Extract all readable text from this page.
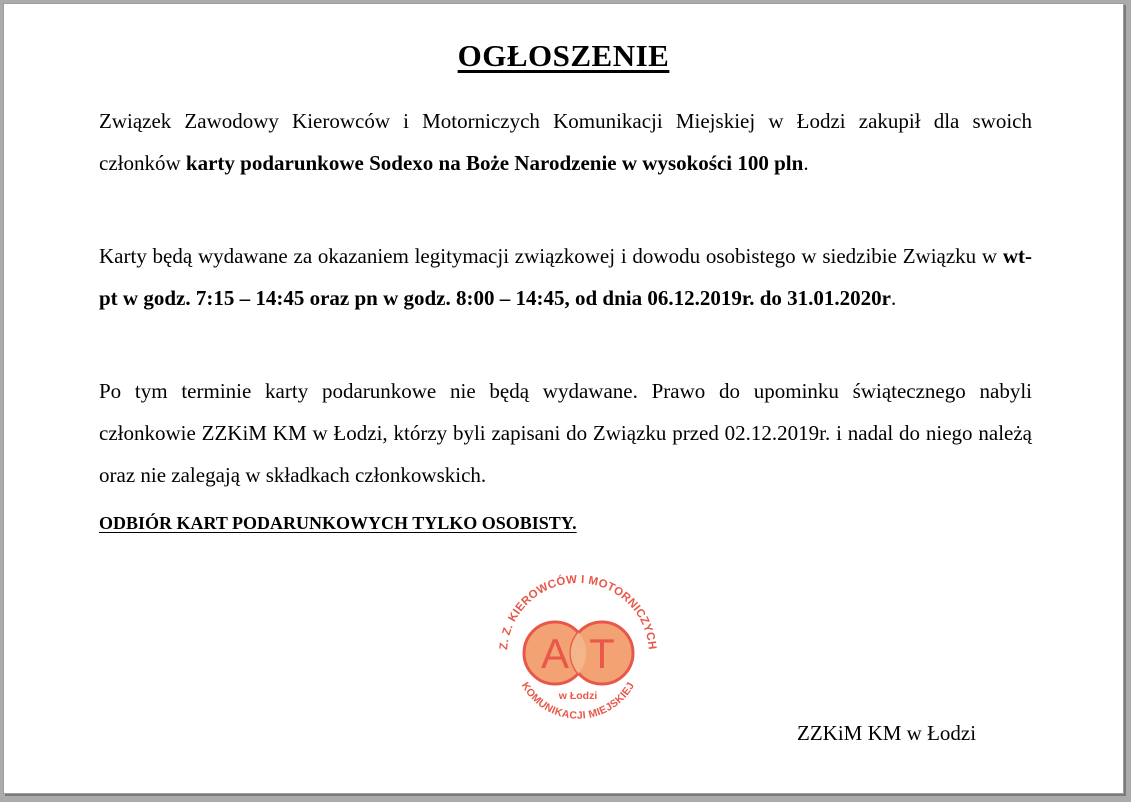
OGŁOSZENIE
Związek Zawodowy Kierowców i Motorniczych Komunikacji Miejskiej w Łodzi zakupił dla swoich członków karty podarunkowe Sodexo na Boże Narodzenie w wysokości 100 pln.
Karty będą wydawane za okazaniem legitymacji związkowej i dowodu osobistego w siedzibie Związku w wt-pt w godz. 7:15 – 14:45 oraz pn w godz. 8:00 – 14:45, od dnia 06.12.2019r. do 31.01.2020r.
Po tym terminie karty podarunkowe nie będą wydawane. Prawo do upominku świątecznego nabyli członkowie ZZKiM KM w Łodzi, którzy byli zapisani do Związku przed 02.12.2019r. i nadal do niego należą oraz nie zalegają w składkach członkowskich.
ODBIÓR KART PODARUNKOWYCH TYLKO OSOBISTY.
Z. Z. KIEROWCÓW I MOTORNICZYCH
KOMUNIKACJI MIEJSKIEJ
A T
w Łodzi
ZZKiM KM w Łodzi
